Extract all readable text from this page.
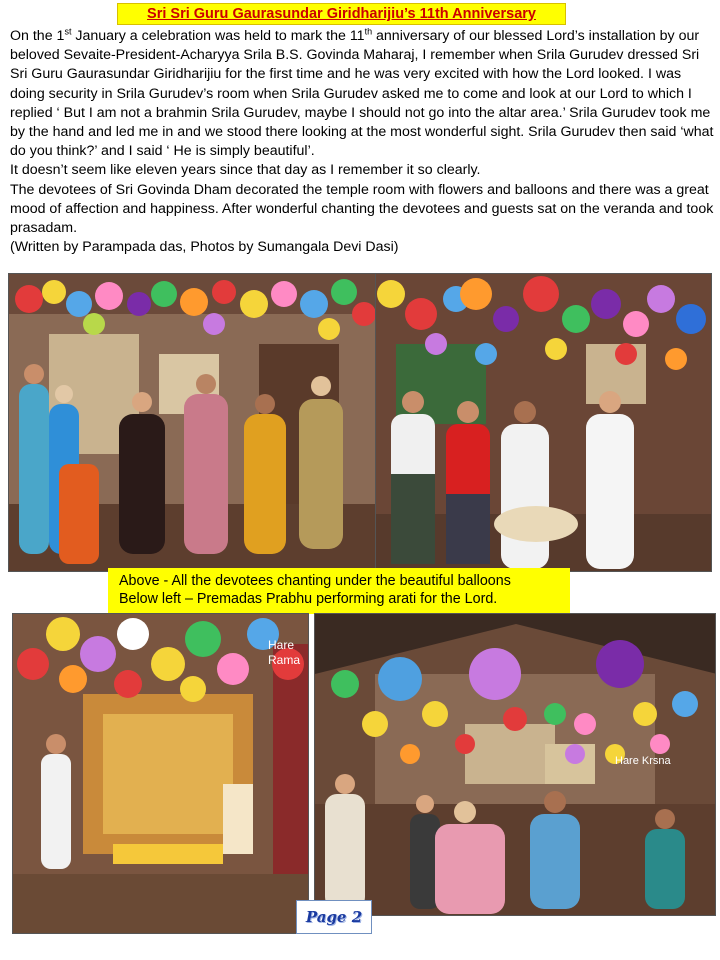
Sri Sri Guru Gaurasundar Giridharijiu’s 11th Anniversary

On the 1st January a celebration was held to mark the 11th anniversary of our blessed Lord’s installation by our beloved Sevaite-President-Acharyya Srila B.S. Govinda Maharaj, I remember when Srila Gurudev dressed Sri Sri Guru Gaurasundar Giridharijiu for the first time and he was very excited with how the Lord looked. I was doing security in Srila Gurudev’s room when Srila Gurudev asked me to come and look at our Lord to which I replied ‘ But I am not a brahmin Srila Gurudev, maybe I should not go into the altar area.’ Srila Gurudev took me by the hand and led me in and we stood there looking at the most wonderful sight. Srila Gurudev then said ‘what do you think?’ and I said ‘ He is simply beautiful’.

It doesn’t seem like eleven years since that day as I remember it so clearly.

The devotees of Sri Govinda Dham decorated the temple room with flowers and balloons and there was a great mood of affection and happiness. After wonderful chanting the devotees and guests sat on the veranda and took prasadam.

(Written by Parampada das, Photos by Sumangala Devi Dasi)

Above - All the devotees chanting under the beautiful balloons
Below left – Premadas Prabhu performing arati for the Lord.
Hare
Rama
Hare Krsna
Page 2
